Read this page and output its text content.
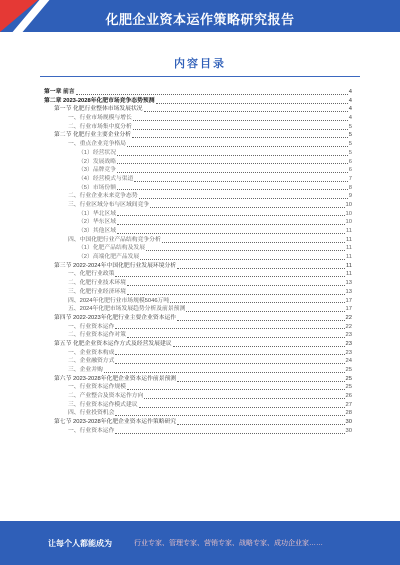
化肥企业资本运作策略研究报告
内容目录
第一章 前言	4
第二章 2023-2028年化肥市场竞争态势预测	4
第一节 化肥行业整体市场发展状况	4
一、行业市场规模与增长	4
二、行业市场集中度分析	5
第二节 化肥行业主要企业分析	5
一、重点企业竞争格局	5
（1）经营状况	5
（2）发展战略	6
（3）品牌竞争	6
（4）经营模式与渠道	7
（5）市场份额	8
二、行业企业未来竞争态势	9
三、行业区域分布与区域间竞争	10
（1）华北区域	10
（2）华东区域	10
（3）其他区域	11
四、中国化肥行业产品结构竞争分析	11
（1）化肥产品结构及发展	11
（2）高端化肥产品发展	11
第三节 2022-2024年中国化肥行业发展环境分析	11
一、化肥行业政策	11
二、化肥行业技术环境	13
三、化肥行业经济环境	13
四、2024年化肥行业市场规模5046万吨	17
五、2024年化肥市场发展趋势分析及前景预测	17
第四节 2022-2023年化肥行业主要企业资本运作	22
一、行业资本运作	22
二、行业资本运作对策	23
第五节 化肥企业资本运作方式及经营发展建议	23
一、企业资本构成	23
二、企业融资方式	24
三、企业并购	25
第六节 2023-2028年化肥企业资本运作前景预测	25
一、行业资本运作规模	25
二、产业整合及资本运作方向	26
三、行业资本运作模式建议	27
四、行业投资机会	28
第七节 2023-2028年化肥企业资本运作策略研究	30
一、行业资本运作	30
让每个人都能成为	行业专家、管理专家、营销专家、战略专家、成功企业家……
